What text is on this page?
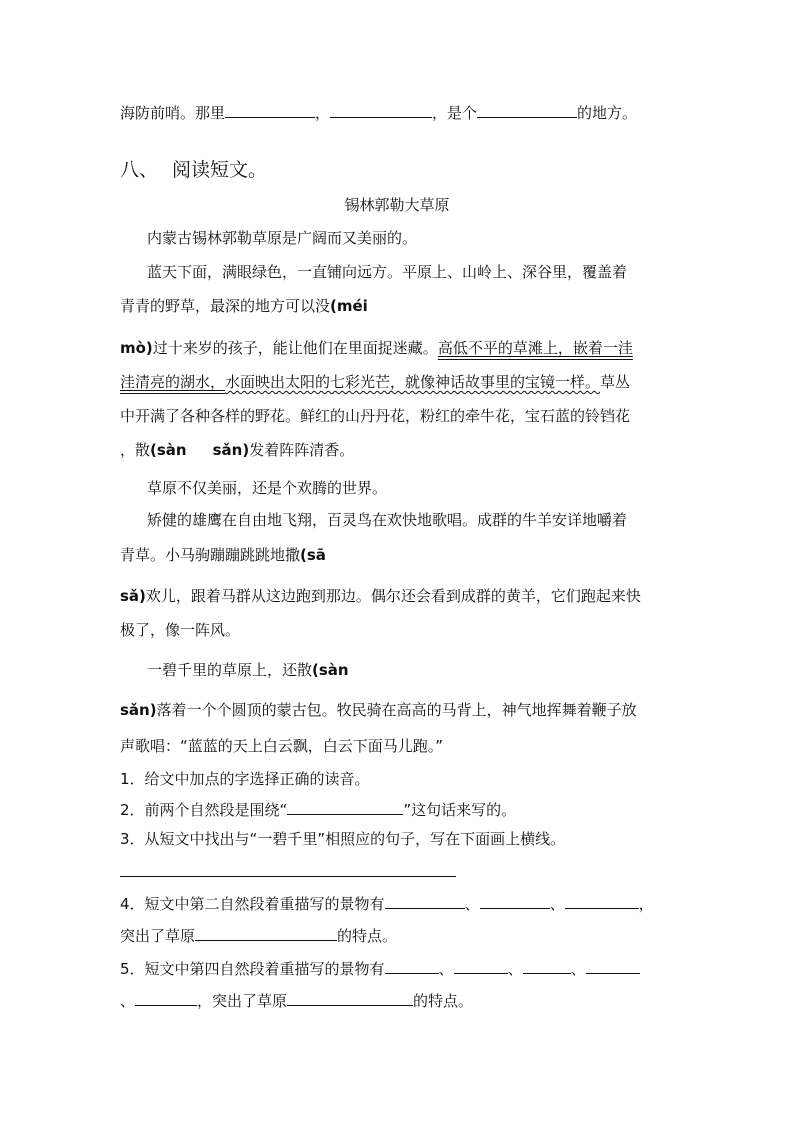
海防前哨。那里	，	，是个	的地方。
八、 阅读短文。
锡林郭勒大草原
内蒙古锡林郭勒草原是广阔而又美丽的。
蓝天下面，满眼绿色，一直铺向远方。平原上、山岭上、深谷里，覆盖着
青青的野草，最深的地方可以没(méi
mò)过十来岁的孩子，能让他们在里面捉迷藏。高低不平的草滩上，嵌着一洼
洼清亮的湖水，水面映出太阳的七彩光芒，就像神话故事里的宝镜一样。草丛
中开满了各种各样的野花。鲜红的山丹丹花，粉红的牵牛花，宝石蓝的铃铛花
，散(sàn sǎn)发着阵阵清香。
草原不仅美丽，还是个欢腾的世界。
矫健的雄鹰在自由地飞翔，百灵鸟在欢快地歌唱。成群的牛羊安详地嚼着
青草。小马驹蹦蹦跳跳地撒(sā
sǎ)欢儿，跟着马群从这边跑到那边。偶尔还会看到成群的黄羊，它们跑起来快
极了，像一阵风。
一碧千里的草原上，还散(sàn
sǎn)落着一个个圆顶的蒙古包。牧民骑在高高的马背上，神气地挥舞着鞭子放
声歌唱：“蓝蓝的天上白云飘，白云下面马儿跑。”
1．给文中加点的字选择正确的读音。
2．前两个自然段是围绕“	”这句话来写的。
3．从短文中找出与“一碧千里”相照应的句子，写在下面画上横线。
4．短文中第二自然段着重描写的景物有	、	、	，
突出了草原	的特点。
5．短文中第四自然段着重描写的景物有	、	、	、
、	，突出了草原	的特点。
